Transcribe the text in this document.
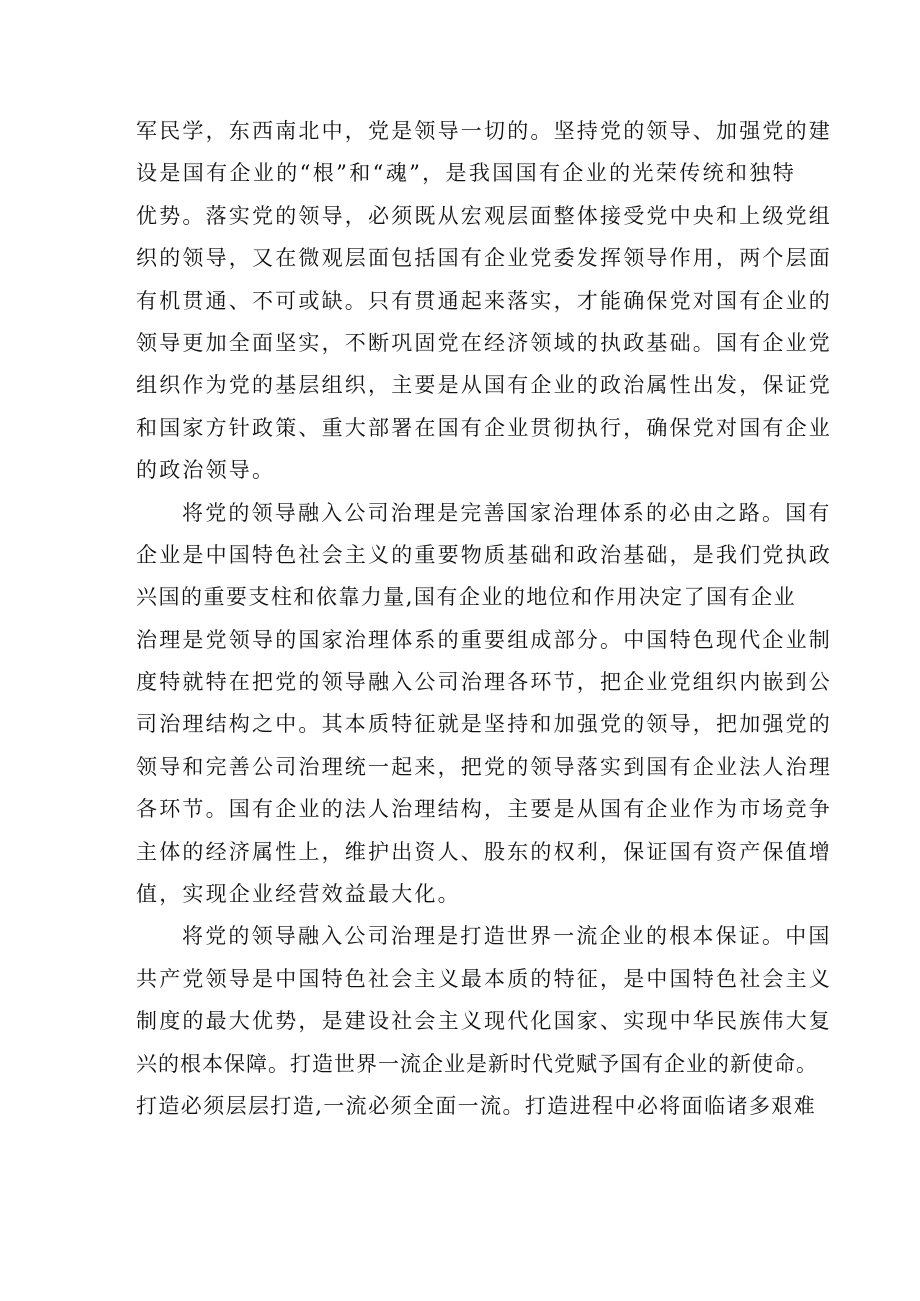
军民学，东西南北中，党是领导一切的。坚持党的领导、加强党的建
设是国有企业的“根”和“魂”，是我国国有企业的光荣传统和独特
优势。落实党的领导，必须既从宏观层面整体接受党中央和上级党组
织的领导，又在微观层面包括国有企业党委发挥领导作用，两个层面
有机贯通、不可或缺。只有贯通起来落实，才能确保党对国有企业的
领导更加全面坚实，不断巩固党在经济领域的执政基础。国有企业党
组织作为党的基层组织，主要是从国有企业的政治属性出发，保证党
和国家方针政策、重大部署在国有企业贯彻执行，确保党对国有企业
的政治领导。

将党的领导融入公司治理是完善国家治理体系的必由之路。国有
企业是中国特色社会主义的重要物质基础和政治基础，是我们党执政
兴国的重要支柱和依靠力量,国有企业的地位和作用决定了国有企业
治理是党领导的国家治理体系的重要组成部分。中国特色现代企业制
度特就特在把党的领导融入公司治理各环节，把企业党组织内嵌到公
司治理结构之中。其本质特征就是坚持和加强党的领导，把加强党的
领导和完善公司治理统一起来，把党的领导落实到国有企业法人治理
各环节。国有企业的法人治理结构，主要是从国有企业作为市场竞争
主体的经济属性上，维护出资人、股东的权利，保证国有资产保值增
值，实现企业经营效益最大化。

将党的领导融入公司治理是打造世界一流企业的根本保证。中国
共产党领导是中国特色社会主义最本质的特征，是中国特色社会主义
制度的最大优势，是建设社会主义现代化国家、实现中华民族伟大复
兴的根本保障。打造世界一流企业是新时代党赋予国有企业的新使命。
打造必须层层打造,一流必须全面一流。打造进程中必将面临诸多艰难
